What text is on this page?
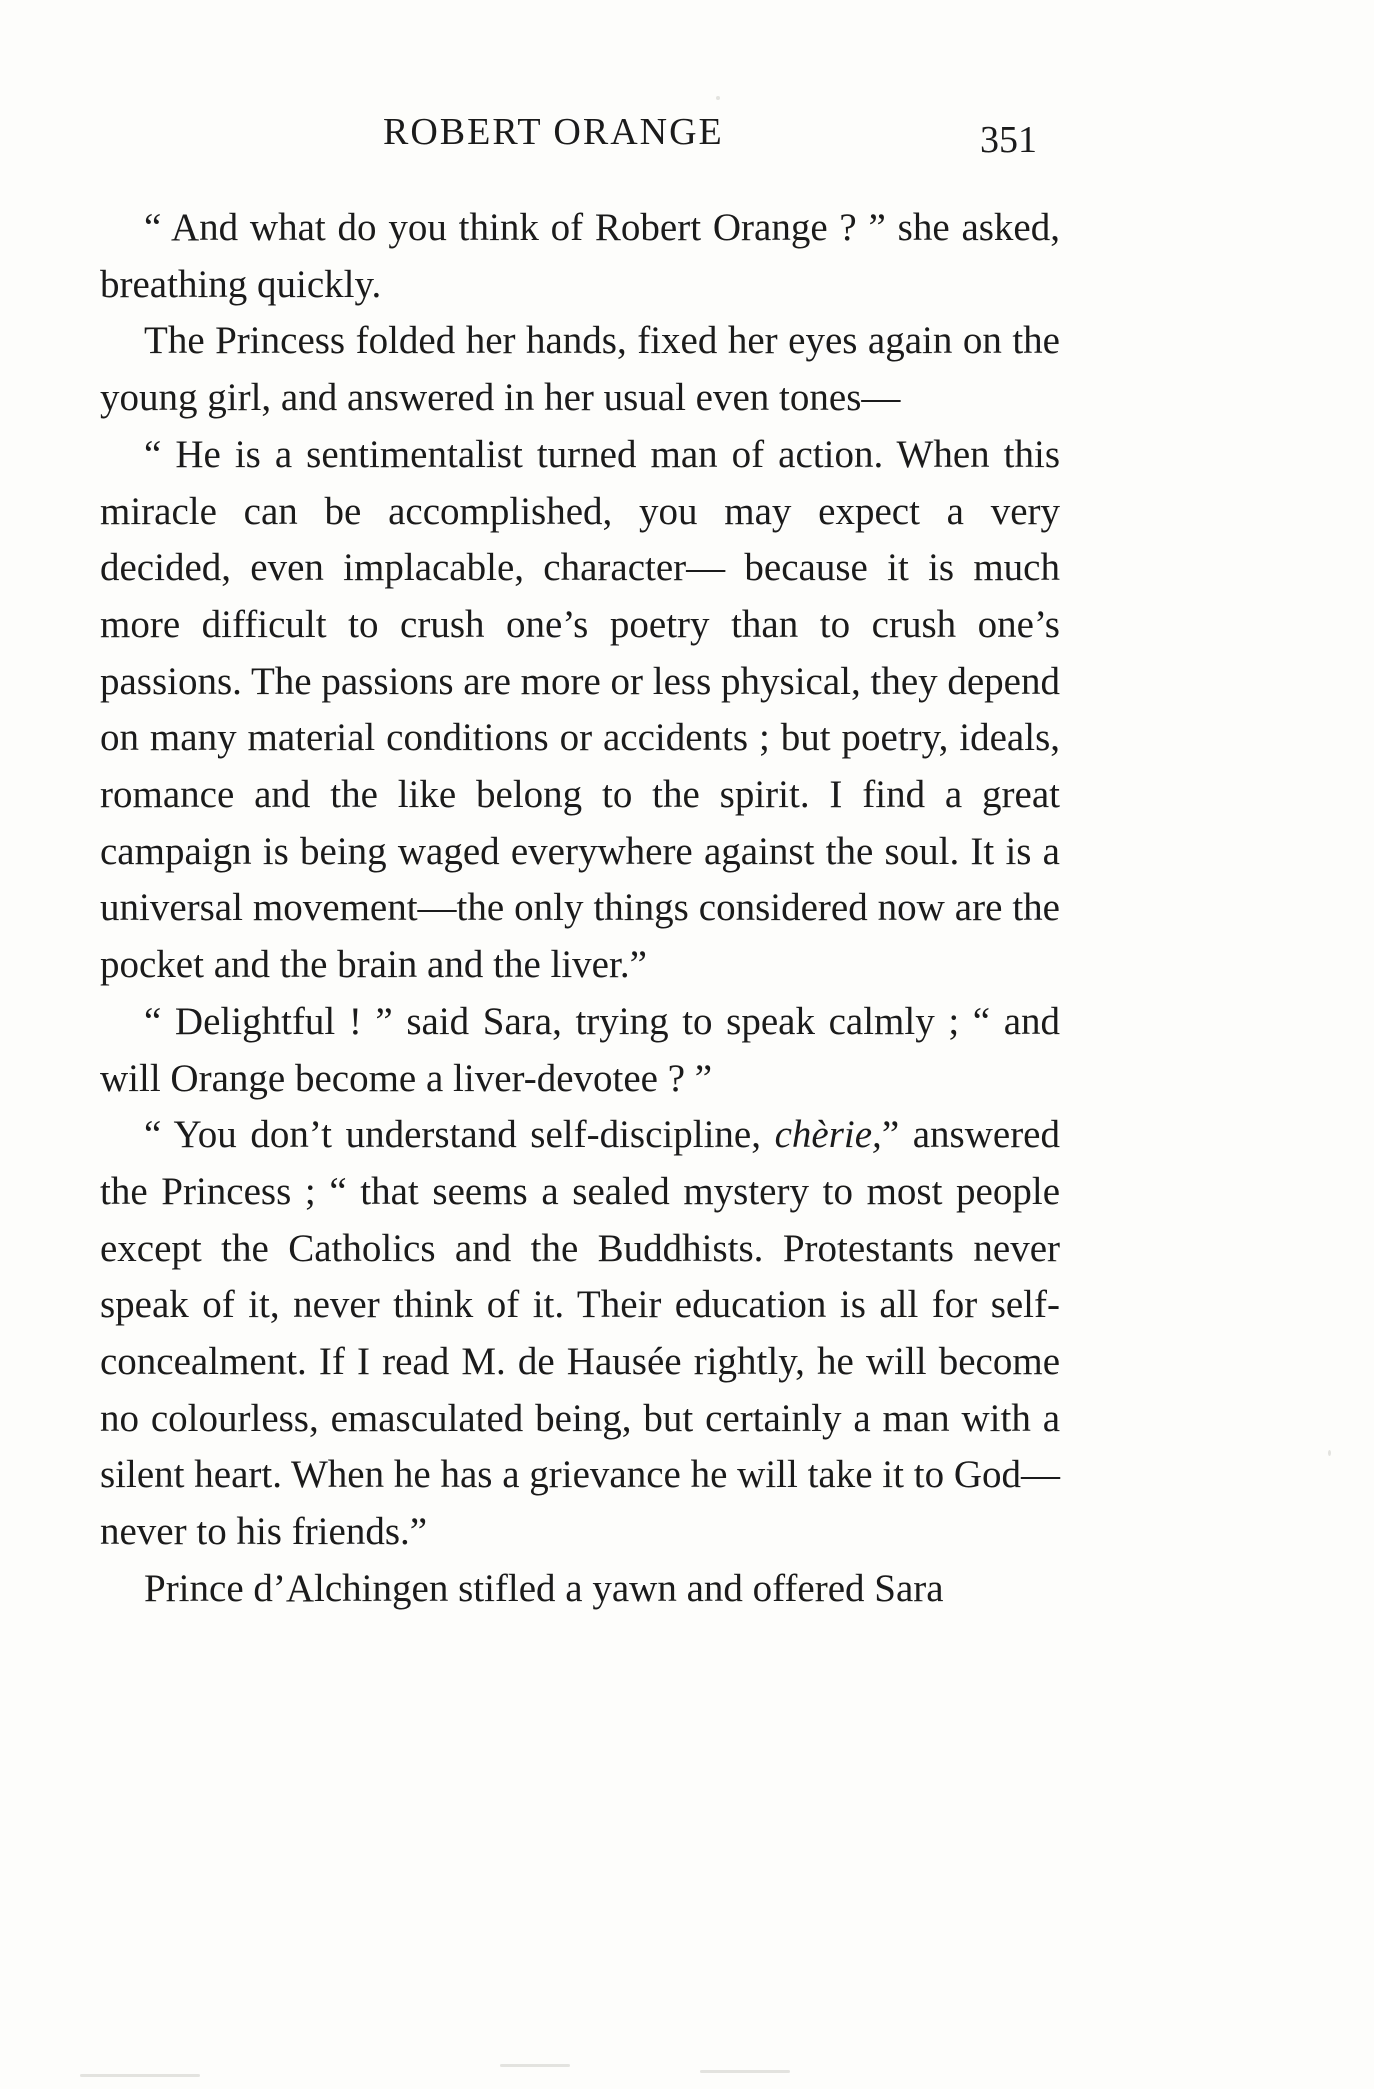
ROBERT ORANGE	351

“ And what do you think of Robert Orange ? ” she asked, breathing quickly.

The Princess folded her hands, fixed her eyes again on the young girl, and answered in her usual even tones—

“ He is a sentimentalist turned man of action. When this miracle can be accomplished, you may expect a very decided, even implacable, character— because it is much more difficult to crush one’s poetry than to crush one’s passions. The passions are more or less physical, they depend on many material conditions or accidents ; but poetry, ideals, romance and the like belong to the spirit. I find a great campaign is being waged everywhere against the soul. It is a universal movement—the only things considered now are the pocket and the brain and the liver.”

“ Delightful ! ” said Sara, trying to speak calmly ; “ and will Orange become a liver-devotee ? ”

“ You don’t understand self-discipline, chèrie,” answered the Princess ; “ that seems a sealed mystery to most people except the Catholics and the Buddhists. Protestants never speak of it, never think of it. Their education is all for self-concealment. If I read M. de Hausée rightly, he will become no colourless, emasculated being, but certainly a man with a silent heart. When he has a grievance he will take it to God—never to his friends.”

Prince d’Alchingen stifled a yawn and offered Sara
